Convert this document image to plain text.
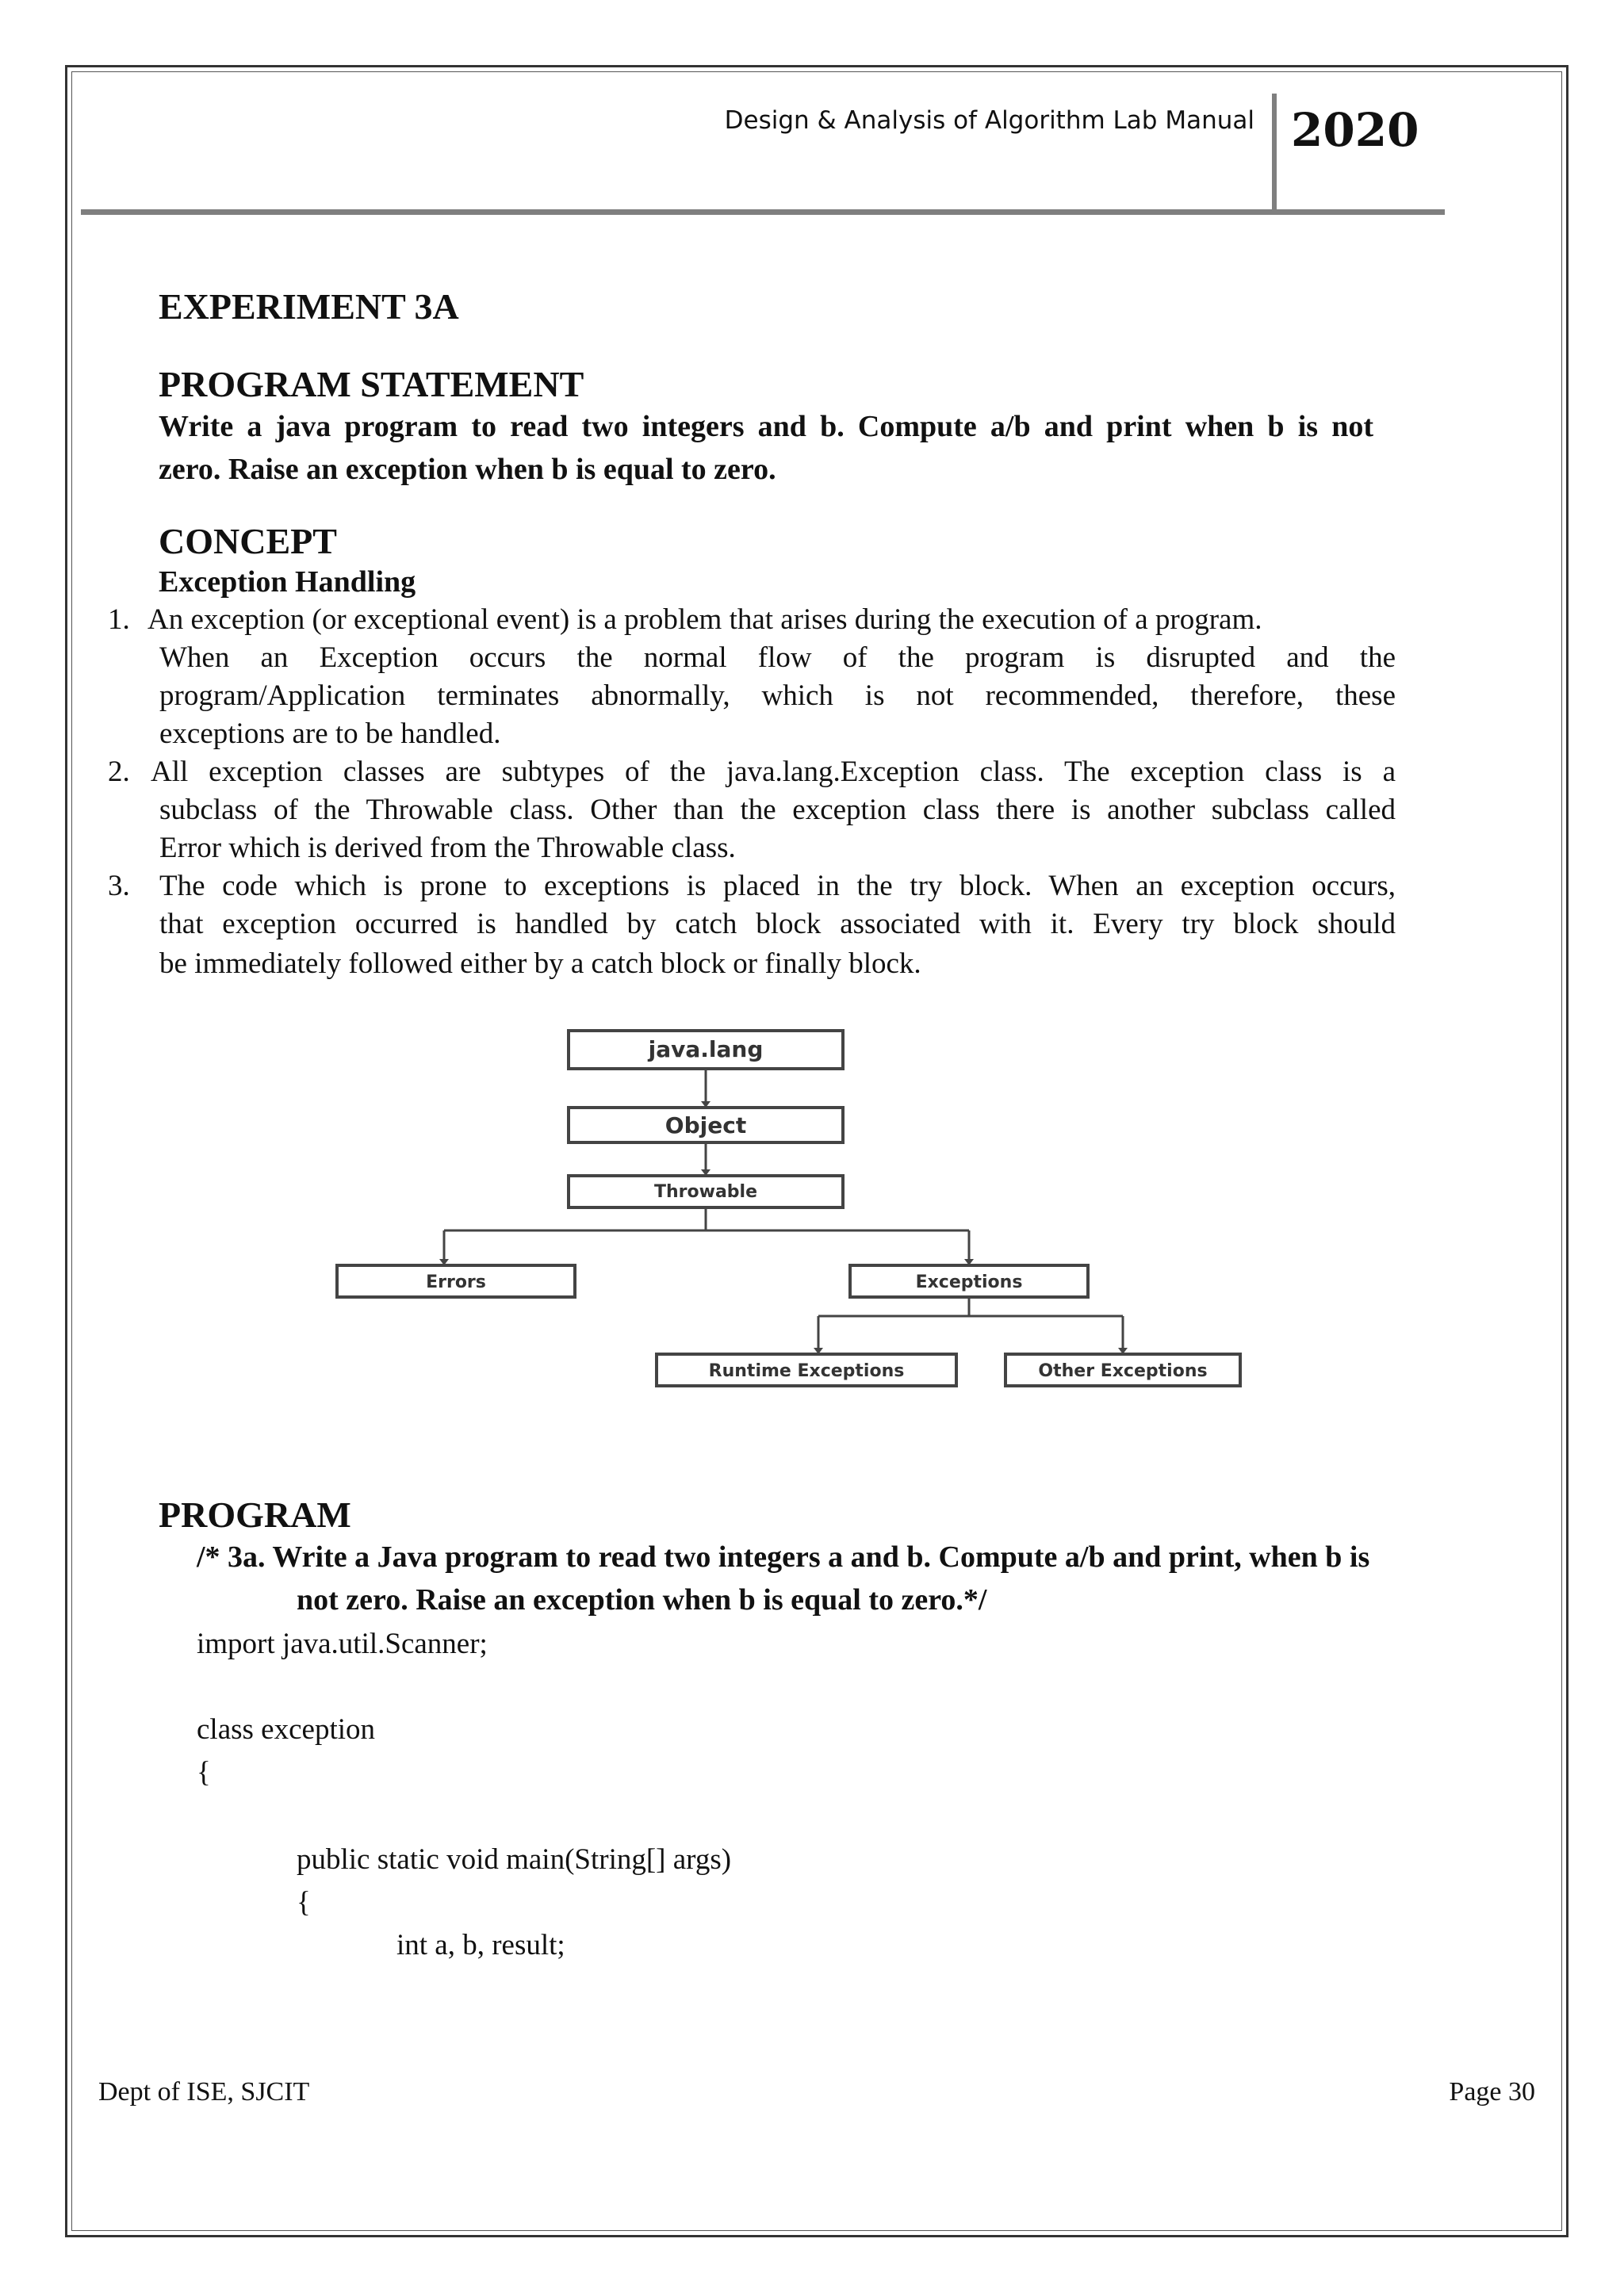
Design & Analysis of Algorithm Lab Manual 2020
EXPERIMENT 3A
PROGRAM STATEMENT
Write a java program to read two integers and b. Compute a/b and print when b is not
zero. Raise an exception when b is equal to zero.
CONCEPT
Exception Handling
1. An exception (or exceptional event) is a problem that arises during the execution of a program.
When an Exception occurs the normal flow of the program is disrupted and the
program/Application terminates abnormally, which is not recommended, therefore, these
exceptions are to be handled.
2. All exception classes are subtypes of the java.lang.Exception class. The exception class is a
subclass of the Throwable class. Other than the exception class there is another subclass called
Error which is derived from the Throwable class.
3. The code which is prone to exceptions is placed in the try block. When an exception occurs,
that exception occurred is handled by catch block associated with it. Every try block should
be immediately followed either by a catch block or finally block.
java.lang
Object
Throwable
Errors	Exceptions
Runtime Exceptions	Other Exceptions
PROGRAM
/* 3a. Write a Java program to read two integers a and b. Compute a/b and print, when b is
not zero. Raise an exception when b is equal to zero.*/
import java.util.Scanner;
class exception
{
public static void main(String[] args)
{
int a, b, result;
Dept of ISE, SJCIT	Page 30
